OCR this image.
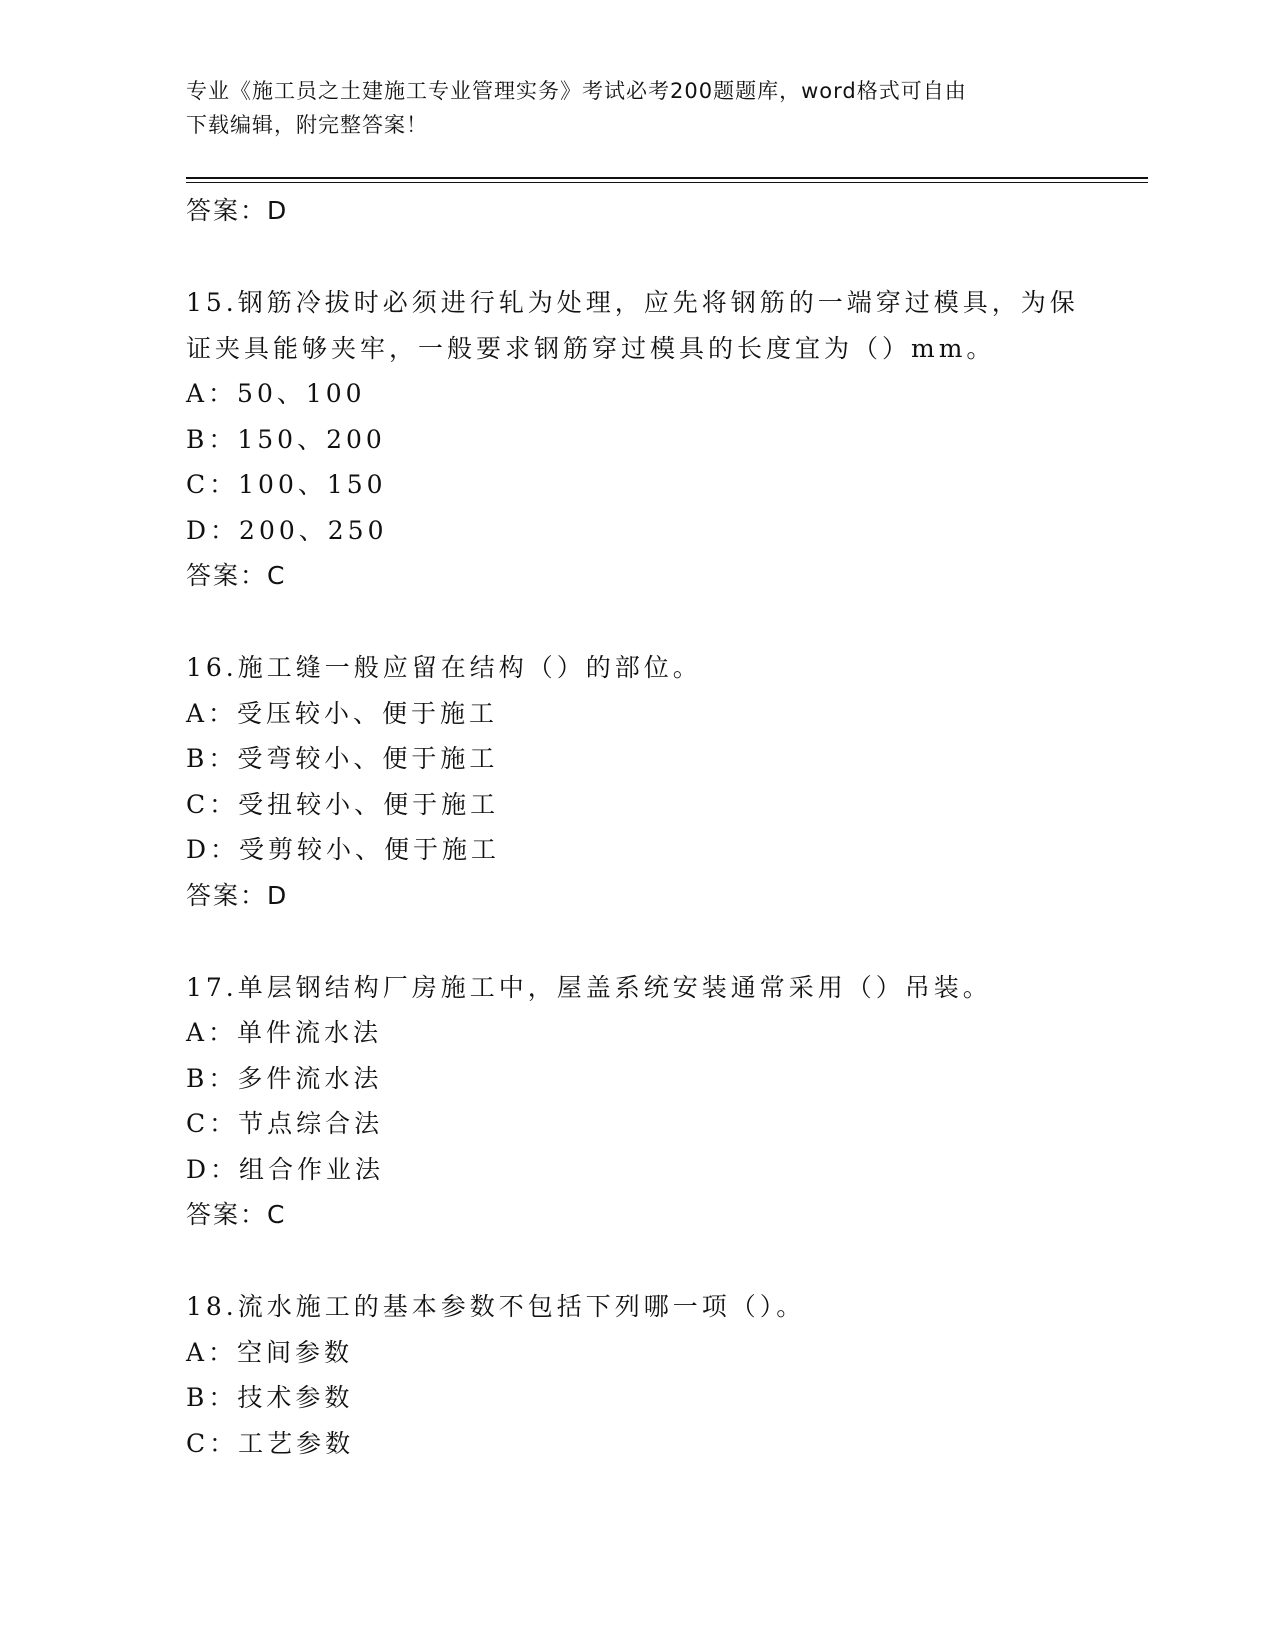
专业《施工员之土建施工专业管理实务》考试必考200题题库，word格式可自由
下载编辑，附完整答案！
答案：D
15.钢筋冷拔时必须进行轧为处理，应先将钢筋的一端穿过模具，为保
证夹具能够夹牢，一般要求钢筋穿过模具的长度宜为（）mm。
A：50、100
B：150、200
C：100、150
D：200、250
答案：C
16.施工缝一般应留在结构（）的部位。
A：受压较小、便于施工
B：受弯较小、便于施工
C：受扭较小、便于施工
D：受剪较小、便于施工
答案：D
17.单层钢结构厂房施工中，屋盖系统安装通常采用（）吊装。
A：单件流水法
B：多件流水法
C：节点综合法
D：组合作业法
答案：C
18.流水施工的基本参数不包括下列哪一项（）。
A：空间参数
B：技术参数
C：工艺参数
